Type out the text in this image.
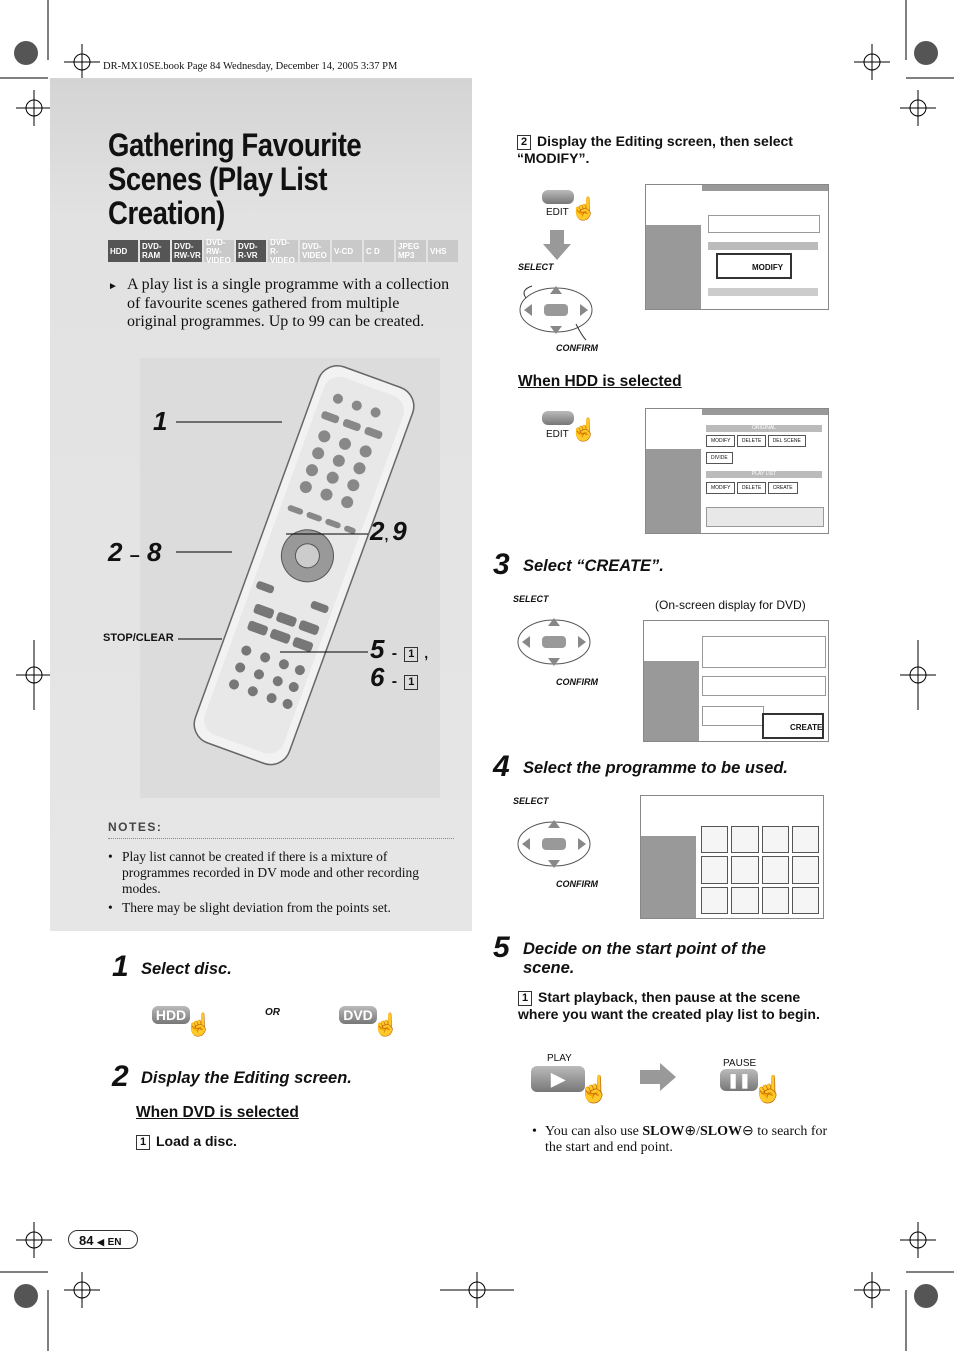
DR-MX10SE.book Page 84 Wednesday, December 14, 2005 3:37 PM
Gathering Favourite
Scenes (Play List
Creation)
HDD DVD-
RAM
DVD-
RW-VR
DVD-
RW-VIDEO
DVD-
R-VR
DVD-
R-VIDEO
DVD-
VIDEO V-CD C D JPEG
MP3 VHS
► A play list is a single programme with a collection of favourite scenes gathered from multiple original programmes. Up to 99 can be created.
1
2 – 8
2, 9
5 - 1 ,
6 - 1
STOP/CLEAR
NOTES:
• Play list cannot be created if there is a mixture of programmes recorded in DV mode and other recording modes.
• There may be slight deviation from the points set.
1 Select disc.
HDD
☝	OR	DVD ☝
2 Display the Editing screen.
When DVD is selected
1 Load a disc.
2 Display the Editing screen, then select “MODIFY”.
EDIT ☝
SELECT
CONFIRM
MODIFY
When HDD is selected
EDIT ☝	ORIGINAL
MODIFY DELETE DEL SCENE
DIVIDE
PLAY LIST
MODIFY DELETE CREATE
3 Select “CREATE”.
SELECT
CONFIRM
(On-screen display for DVD)
CREATE
4 Select the programme to be used.
SELECT
CONFIRM
5 Decide on the start point of the scene.
1 Start playback, then pause at the scene where you want the created play list to begin.
PLAY
▶ ☝
PAUSE
❚❚ ☝
• You can also use SLOW⊕/SLOW⊖ to search for the start and end point.
84 ◀ EN
